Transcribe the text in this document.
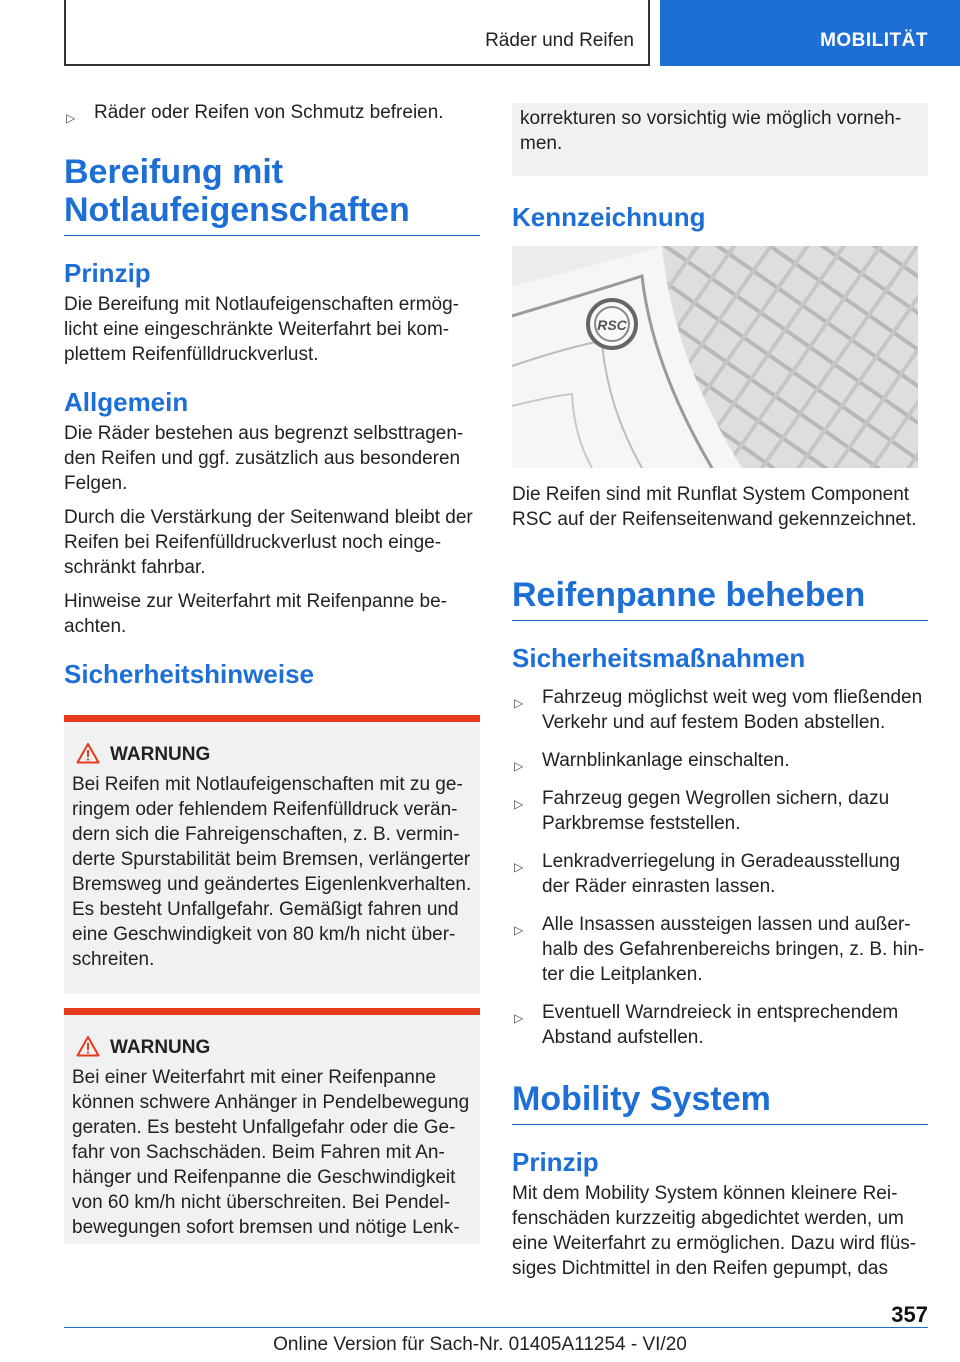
Räder und Reifen	MOBILITÄT
▷ Räder oder Reifen von Schmutz befreien.
Bereifung mit Notlaufeigenschaften
Prinzip

Die Bereifung mit Notlaufeigenschaften ermöglicht eine eingeschränkte Weiterfahrt bei komplettem Reifenfülldruckverlust.

Allgemein

Die Räder bestehen aus begrenzt selbsttragenden Reifen und ggf. zusätzlich aus besonderen Felgen.

Durch die Verstärkung der Seitenwand bleibt der Reifen bei Reifenfülldruckverlust noch eingeschränkt fahrbar.

Hinweise zur Weiterfahrt mit Reifenpanne beachten.

Sicherheitshinweise
WARNUNG

Bei Reifen mit Notlaufeigenschaften mit zu geringem oder fehlendem Reifenfülldruck verändern sich die Fahreigenschaften, z. B. verminderte Spurstabilität beim Bremsen, verlängerter Bremsweg und geändertes Eigenlenkverhalten. Es besteht Unfallgefahr. Gemäßigt fahren und eine Geschwindigkeit von 80 km/h nicht überschreiten.

WARNUNG

Bei einer Weiterfahrt mit einer Reifenpanne können schwere Anhänger in Pendelbewegung geraten. Es besteht Unfallgefahr oder die Gefahr von Sachschäden. Beim Fahren mit Anhänger und Reifenpanne die Geschwindigkeit von 60 km/h nicht überschreiten. Bei Pendelbewegungen sofort bremsen und nötige Lenk-

korrekturen so vorsichtig wie möglich vornehmen.

Kennzeichnung
RSC

Die Reifen sind mit Runflat System Component RSC auf der Reifenseitenwand gekennzeichnet.

Reifenpanne beheben
Sicherheitsmaßnahmen
▷ Fahrzeug möglichst weit weg vom fließenden Verkehr und auf festem Boden abstellen.
▷ Warnblinkanlage einschalten.
▷ Fahrzeug gegen Wegrollen sichern, dazu Parkbremse feststellen.
▷ Lenkradverriegelung in Geradeausstellung der Räder einrasten lassen.
▷ Alle Insassen aussteigen lassen und außerhalb des Gefahrenbereichs bringen, z. B. hinter die Leitplanken.
▷ Eventuell Warndreieck in entsprechendem Abstand aufstellen.
Mobility System
Prinzip

Mit dem Mobility System können kleinere Reifenschäden kurzzeitig abgedichtet werden, um eine Weiterfahrt zu ermöglichen. Dazu wird flüssiges Dichtmittel in den Reifen gepumpt, das

357
Online Version für Sach-Nr. 01405A11254 - VI/20
